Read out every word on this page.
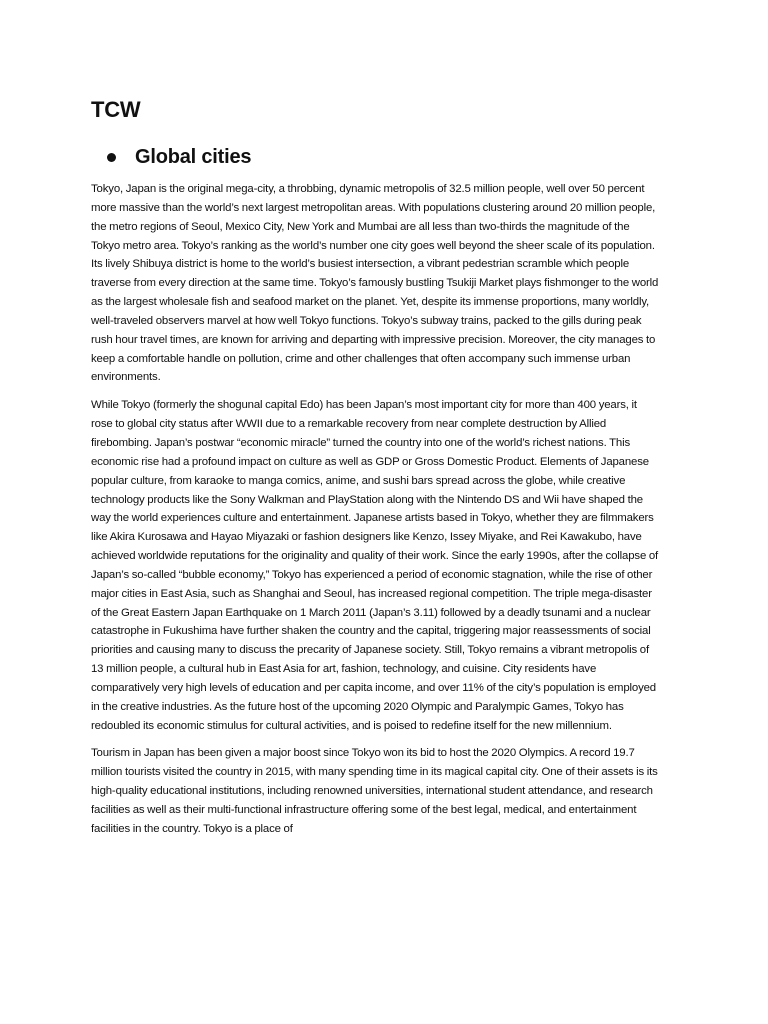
TCW
Global cities

Tokyo, Japan is the original mega-city, a throbbing, dynamic metropolis of 32.5 million people, well over 50 percent more massive than the world’s next largest metropolitan areas. With populations clustering around 20 million people, the metro regions of Seoul, Mexico City, New York and Mumbai are all less than two-thirds the magnitude of the Tokyo metro area. Tokyo’s ranking as the world’s number one city goes well beyond the sheer scale of its population. Its lively Shibuya district is home to the world’s busiest intersection, a vibrant pedestrian scramble which people traverse from every direction at the same time. Tokyo’s famously bustling Tsukiji Market plays fishmonger to the world as the largest wholesale fish and seafood market on the planet. Yet, despite its immense proportions, many worldly, well-traveled observers marvel at how well Tokyo functions. Tokyo’s subway trains, packed to the gills during peak rush hour travel times, are known for arriving and departing with impressive precision. Moreover, the city manages to keep a comfortable handle on pollution, crime and other challenges that often accompany such immense urban environments.

While Tokyo (formerly the shogunal capital Edo) has been Japan’s most important city for more than 400 years, it rose to global city status after WWII due to a remarkable recovery from near complete destruction by Allied firebombing. Japan’s postwar “economic miracle” turned the country into one of the world’s richest nations. This economic rise had a profound impact on culture as well as GDP or Gross Domestic Product. Elements of Japanese popular culture, from karaoke to manga comics, anime, and sushi bars spread across the globe, while creative technology products like the Sony Walkman and PlayStation along with the Nintendo DS and Wii have shaped the way the world experiences culture and entertainment. Japanese artists based in Tokyo, whether they are filmmakers like Akira Kurosawa and Hayao Miyazaki or fashion designers like Kenzo, Issey Miyake, and Rei Kawakubo, have achieved worldwide reputations for the originality and quality of their work. Since the early 1990s, after the collapse of Japan’s so-called “bubble economy,” Tokyo has experienced a period of economic stagnation, while the rise of other major cities in East Asia, such as Shanghai and Seoul, has increased regional competition. The triple mega-disaster of the Great Eastern Japan Earthquake on 1 March 2011 (Japan’s 3.11) followed by a deadly tsunami and a nuclear catastrophe in Fukushima have further shaken the country and the capital, triggering major reassessments of social priorities and causing many to discuss the precarity of Japanese society. Still, Tokyo remains a vibrant metropolis of 13 million people, a cultural hub in East Asia for art, fashion, technology, and cuisine. City residents have comparatively very high levels of education and per capita income, and over 11% of the city’s population is employed in the creative industries. As the future host of the upcoming 2020 Olympic and Paralympic Games, Tokyo has redoubled its economic stimulus for cultural activities, and is poised to redefine itself for the new millennium.

Tourism in Japan has been given a major boost since Tokyo won its bid to host the 2020 Olympics. A record 19.7 million tourists visited the country in 2015, with many spending time in its magical capital city. One of their assets is its high-quality educational institutions, including renowned universities, international student attendance, and research facilities as well as their multi-functional infrastructure offering some of the best legal, medical, and entertainment facilities in the country. Tokyo is a place of
